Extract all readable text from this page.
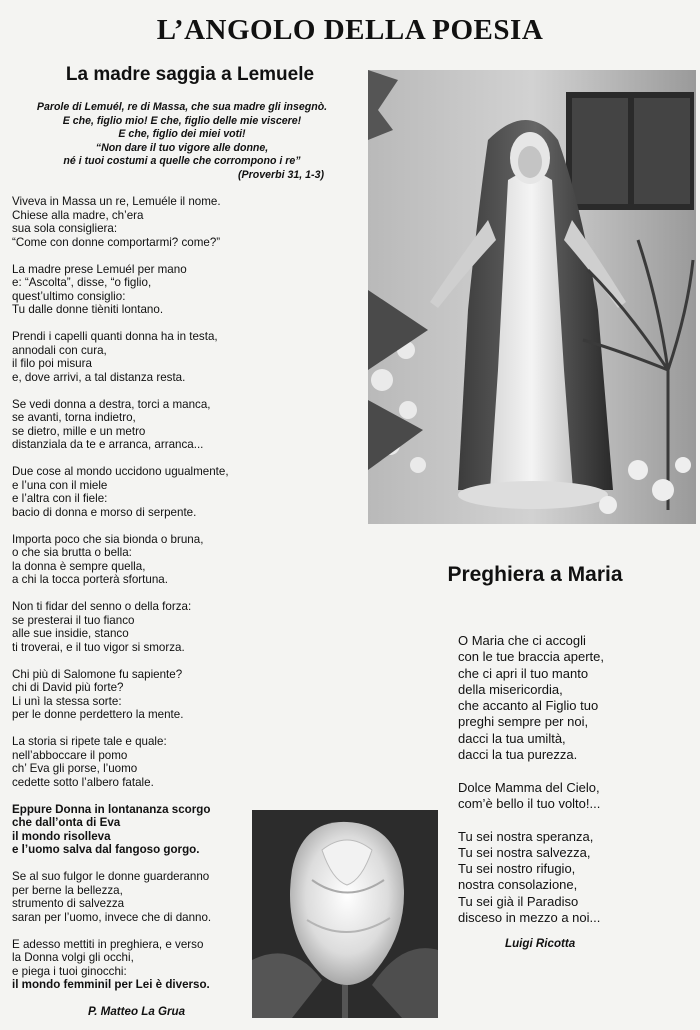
L’ANGOLO DELLA POESIA
La madre saggia a Lemuele
Parole di Lemuél, re di Massa, che sua madre gli insegnò.
E che, figlio mio! E che, figlio delle mie viscere!
E che, figlio dei miei voti!
“Non dare il tuo vigore alle donne,
né i tuoi costumi a quelle che corrompono i re”
(Proverbi 31, 1-3)
Viveva in Massa un re, Lemuéle il nome.
Chiese alla madre, ch’era
sua sola consigliera:
“Come con donne comportarmi? come?”
La madre prese Lemuél per mano
e: “Ascolta”, disse, “o figlio,
quest’ultimo consiglio:
Tu dalle donne tièniti lontano.
Prendi i capelli quanti donna ha in testa,
annodali con cura,
il filo poi misura
e, dove arrivi, a tal distanza resta.
Se vedi donna a destra, torci a manca,
se avanti, torna indietro,
se dietro, mille e un metro
distanziala da te e arranca, arranca...
Due cose al mondo uccidono ugualmente,
e l’una con il miele
e l’altra con il fiele:
bacio di donna e morso di serpente.
Importa poco che sia bionda o bruna,
o che sia brutta o bella:
la donna è sempre quella,
a chi la tocca porterà sfortuna.
Non ti fidar del senno o della forza:
se presterai il tuo fianco
alle sue insidie, stanco
ti troverai, e il tuo vigor si smorza.
Chi più di Salomone fu sapiente?
chi di David più forte?
Li unì la stessa sorte:
per le donne perdettero la mente.
La storia si ripete tale e quale:
nell’abboccare il pomo
ch’ Eva gli porse, l’uomo
cedette sotto l’albero fatale.
Eppure Donna in lontananza scorgo
che dall’onta di Eva
il mondo risolleva
e l’uomo salva dal fangoso gorgo.
Se al suo fulgor le donne guarderanno
per berne la bellezza,
strumento di salvezza
saran per l’uomo, invece che di danno.
E adesso mettiti in preghiera, e verso
la Donna volgi gli occhi,
e piega i tuoi ginocchi:
il mondo femminil per Lei è diverso.
P. Matteo La Grua
Preghiera a Maria
O Maria che ci accogli
con le tue braccia aperte,
che ci apri il tuo manto
della misericordia,
che accanto al Figlio tuo
preghi sempre per noi,
dacci la tua umiltà,
dacci la tua purezza.
Dolce Mamma del Cielo,
com’è bello il tuo volto!...
Tu sei nostra speranza,
Tu sei nostra salvezza,
Tu sei nostro rifugio,
nostra consolazione,
Tu sei già il Paradiso
disceso in mezzo a noi...
Luigi Ricotta
